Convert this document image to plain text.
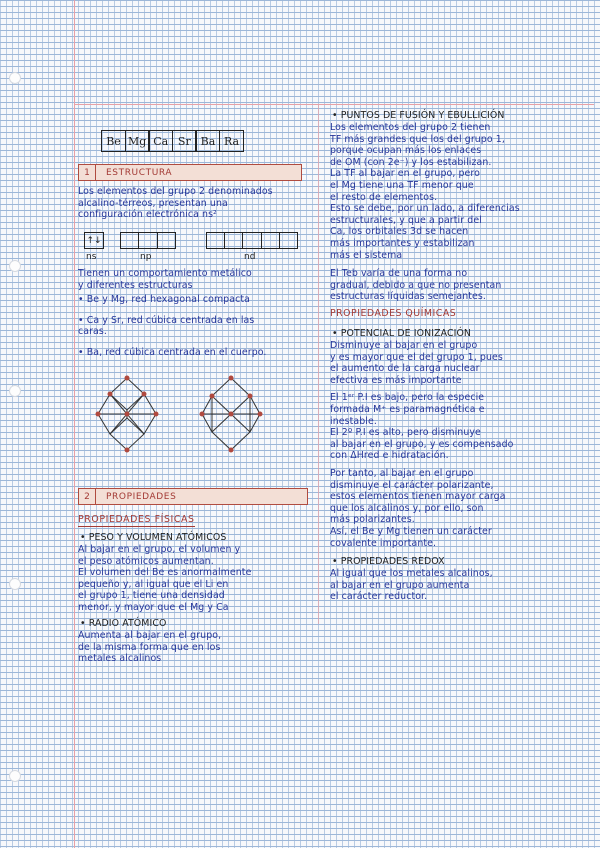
Be Mg Ca Sr Ba Ra
1	ESTRUCTURA
Los elementos del grupo 2 denominados
alcalino-térreos, presentan una
configuración electrónica ns²
↑↓
ns	np	nd
Tienen un comportamiento metálico
y diferentes estructuras
• Be y Mg, red hexagonal compacta
• Ca y Sr, red cúbica centrada en las
caras.
• Ba, red cúbica centrada en el cuerpo.
2	PROPIEDADES
PROPIEDADES FÍSICAS
• PESO Y VOLUMEN ATÓMICOS
Al bajar en el grupo, el volumen y
el peso atómicos aumentan.
El volumen del Be es anormalmente
pequeño y, al igual que el Li en
el grupo 1, tiene una densidad
menor, y mayor que el Mg y Ca
• RADIO ATÓMICO
Aumenta al bajar en el grupo,
de la misma forma que en los
metales alcalinos
• PUNTOS DE FUSIÓN Y EBULLICIÓN
Los elementos del grupo 2 tienen
TF más grandes que los del grupo 1,
porque ocupan más los enlaces
de OM (con 2e⁻) y los estabilizan.
La TF al bajar en el grupo, pero
el Mg tiene una TF menor que
el resto de elementos.
Esto se debe, por un lado, a diferencias
estructurales, y que a partir del
Ca, los orbitales 3d se hacen
más importantes y estabilizan
más el sistema
El Teb varía de una forma no
gradual, debido a que no presentan
estructuras líquidas semejantes.
PROPIEDADES QUÍMICAS
• POTENCIAL DE IONIZACIÓN
Disminuye al bajar en el grupo
y es mayor que el del grupo 1, pues
el aumento de la carga nuclear
efectiva es más importante
El 1ᵉʳ P.I es bajo, pero la especie
formada M⁺ es paramagnética e
inestable.
El 2º P.I es alto, pero disminuye
al bajar en el grupo, y es compensado
con ΔHred e hidratación.
Por tanto, al bajar en el grupo
disminuye el carácter polarizante,
estos elementos tienen mayor carga
que los alcalinos y, por ello, son
más polarizantes.
Así, el Be y Mg tienen un carácter
covalente importante.
• PROPIEDADES REDOX
Al igual que los metales alcalinos,
al bajar en el grupo aumenta
el carácter reductor.
